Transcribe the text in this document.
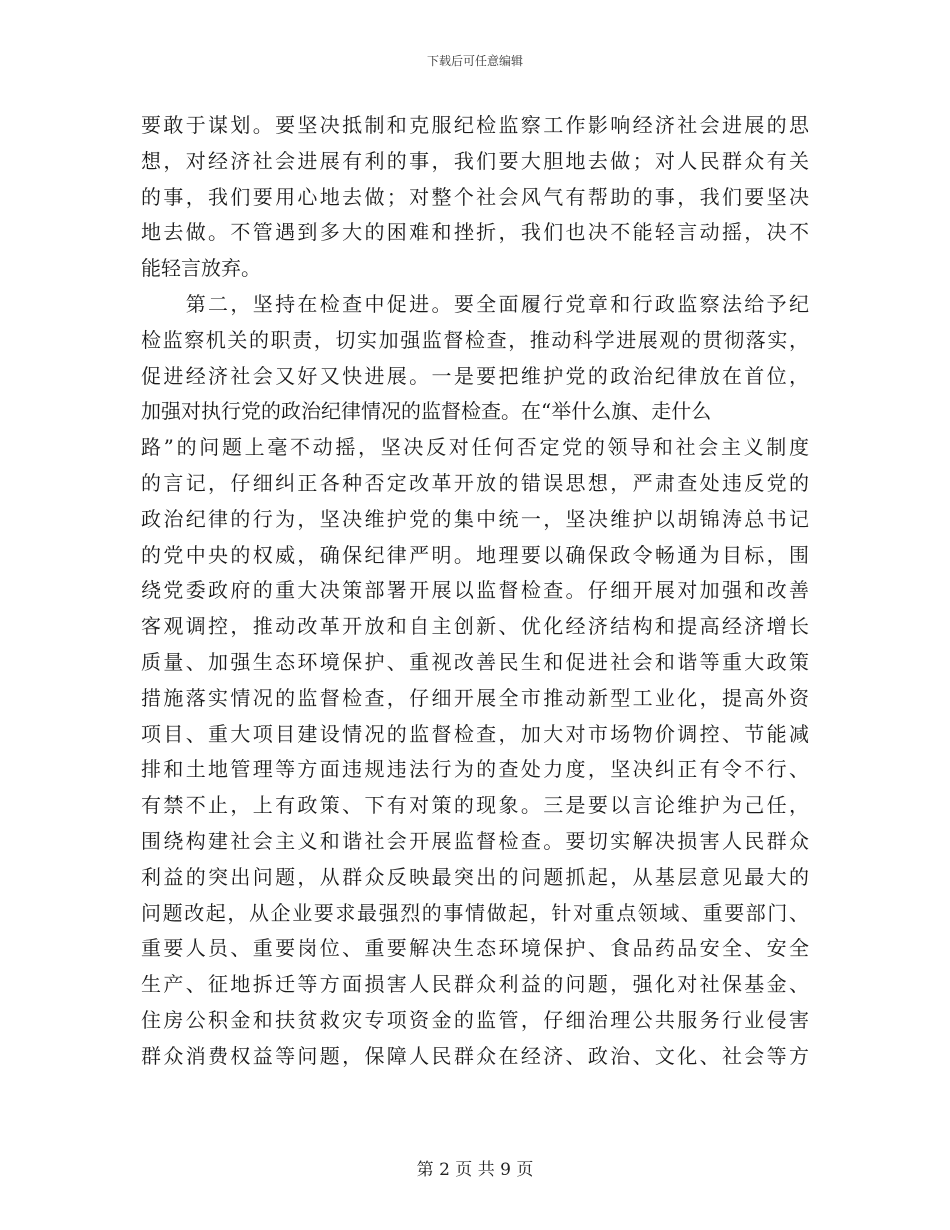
下载后可任意编辑
要敢于谋划。要坚决抵制和克服纪检监察工作影响经济社会进展的思
想，对经济社会进展有利的事，我们要大胆地去做；对人民群众有关
的事，我们要用心地去做；对整个社会风气有帮助的事，我们要坚决
地去做。不管遇到多大的困难和挫折，我们也决不能轻言动摇，决不
能轻言放弃。
　　第二，坚持在检查中促进。要全面履行党章和行政监察法给予纪
检监察机关的职责，切实加强监督检查，推动科学进展观的贯彻落实，
促进经济社会又好又快进展。一是要把维护党的政治纪律放在首位，
加强对执行党的政治纪律情况的监督检查。在“举什么旗、走什么
路”的问题上毫不动摇，坚决反对任何否定党的领导和社会主义制度
的言记，仔细纠正各种否定改革开放的错误思想，严肃查处违反党的
政治纪律的行为，坚决维护党的集中统一，坚决维护以胡锦涛总书记
的党中央的权威，确保纪律严明。地理要以确保政令畅通为目标，围
绕党委政府的重大决策部署开展以监督检查。仔细开展对加强和改善
客观调控，推动改革开放和自主创新、优化经济结构和提高经济增长
质量、加强生态环境保护、重视改善民生和促进社会和谐等重大政策
措施落实情况的监督检查，仔细开展全市推动新型工业化，提高外资
项目、重大项目建设情况的监督检查，加大对市场物价调控、节能减
排和土地管理等方面违规违法行为的查处力度，坚决纠正有令不行、
有禁不止，上有政策、下有对策的现象。三是要以言论维护为己任，
围绕构建社会主义和谐社会开展监督检查。要切实解决损害人民群众
利益的突出问题，从群众反映最突出的问题抓起，从基层意见最大的
问题改起，从企业要求最强烈的事情做起，针对重点领域、重要部门、
重要人员、重要岗位、重要解决生态环境保护、食品药品安全、安全
生产、征地拆迁等方面损害人民群众利益的问题，强化对社保基金、
住房公积金和扶贫救灾专项资金的监管，仔细治理公共服务行业侵害
群众消费权益等问题，保障人民群众在经济、政治、文化、社会等方
第 2 页 共 9 页
